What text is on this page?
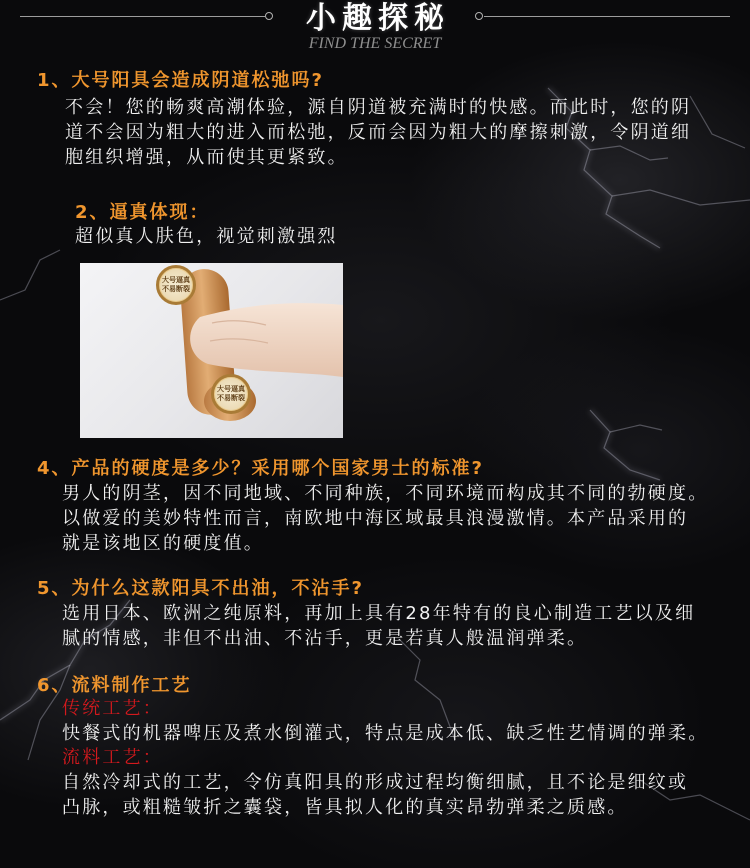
小趣探秘
FIND THE SECRET
1、大号阳具会造成阴道松弛吗?
不会！您的畅爽高潮体验，源自阴道被充满时的快感。而此时，您的阴
道不会因为粗大的进入而松弛，反而会因为粗大的摩擦刺激，令阴道细
胞组织增强，从而使其更紧致。
2、逼真体现：
超似真人肤色，视觉刺激强烈
大号逼真
不易断裂
大号逼真
不易断裂
4、产品的硬度是多少？采用哪个国家男士的标准?
男人的阴茎，因不同地域、不同种族，不同环境而构成其不同的勃硬度。
以做爱的美妙特性而言，南欧地中海区域最具浪漫激情。本产品采用的
就是该地区的硬度值。
5、为什么这款阳具不出油，不沾手?
选用日本、欧洲之纯原料，再加上具有28年特有的良心制造工艺以及细
腻的情感，非但不出油、不沾手，更是若真人般温润弹柔。
6、流料制作工艺
传统工艺：
快餐式的机器啤压及煮水倒灌式，特点是成本低、缺乏性艺情调的弹柔。
流料工艺：
自然冷却式的工艺，令仿真阳具的形成过程均衡细腻，且不论是细纹或
凸脉，或粗糙皱折之囊袋，皆具拟人化的真实昂勃弹柔之质感。
